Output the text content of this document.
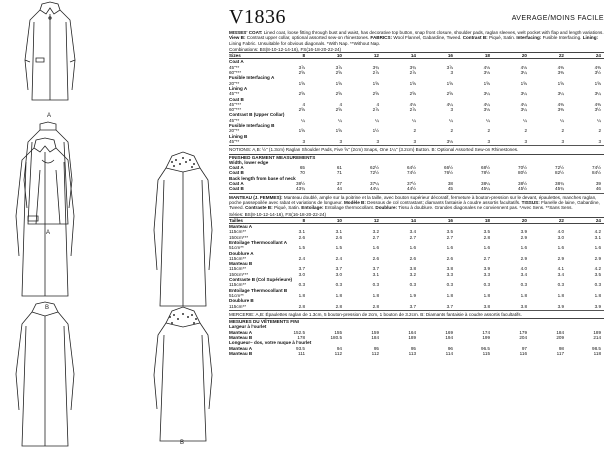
A
A
B
B
V1836	AVERAGE/MOINS FACILE

MISSES' COAT: Lined coat, loose fitting through bust and waist, has decorative top button, snap front closure, shoulder pads, raglan sleeves, welt pocket with flap and length variations. View B: Contrast upper collar, optional assorted sew-on rhinestones. FABRICS: Wool Flannel, Gabardine, Tweed. Contrast B: Piqué, Satin. Interfacing: Fusible Interfacing. Lining: Lining Fabric. Unsuitable for obvious diagonals. *With Nap. **Without Nap.

Combinations: BS(8-10-12-14-16), FS(16-18-20-22-24)
Sizes	8	10	12	14	16	18	20	22	24
Coat A
45"**	3⅞	3⅞	3¾	3¾	3⅞	4⅛	4⅛	4⅜	4⅜
60"***	2⅝	2⅝	2⅞	2⅞	3	3⅛	3¼	3⅜	3½
Fusible Interfacing A
20"**	1⅝	1⅝	1⅝	1⅝	1⅝	1⅝	1⅝	1⅝	1⅝
Lining A
45"**	2⅝	2⅝	2⅝	2⅝	2⅝	3¼	3¼	3¼	3¼
Coat B
45"***	4	4	4	4⅛	4¼	4¼	4¼	4⅜	4⅜
60"***	2⅝	2⅝	2⅞	2⅞	3	3⅛	3¼	3⅜	3½
Contrast B (Upper Collar)
45"**	¼	¼	¼	¼	¼	¼	¼	¼	¼
Fusible Interfacing B
20"**	1⅝	1⅝	1½	2	2	2	2	2	2
Lining B
45"**	3	3	3	3	3⅛	3	3	3	3

NOTIONS: A,B: ½" (1.3cm) Raglan Shoulder Pads, Five ⅝" (2cm) Snaps, One 1¼" (3.2cm) Button. B: Optional Assorted Sew-on Rhinestones.

FINISHED GARMENT MEASUREMENTS
Width, lower edge
Coat A	65	61	62½	64½	66½	68½	70½	72½	74½
Coat B	70	71	72½	74½	76½	78½	80½	82½	84½
Back length from base of neck
Coat A	38½	37	37¼	37½	38	38¼	38½	38¾	39
Coat B	43¾	44	44¼	44½	45	45¼	45½	45¾	46

MANTEAU (J. FEMMES): Manteau doublé, ample sur la poitrine et la taille, avec bouton supérieur décoratif, fermeture à bouton-pression sur le devant, épaulettes, manches raglan, poche passepoilée avec rabat et variations de longueur. Modèle B: Dessous de col contrastant; diamants fantaisie à coudre assortis facultatifs. TISSUS: Flanelle de laine, Gabardine, Tweed. Contraste B: Piqué, Satin. Entoilage: Entoilage thermocollant. Doublure: Tissu à doublure. Grandes diagonales ne conviennent pas. *Avec Sens. **Sans Sens.

Séries: BS(8-10-12-14-16), FS(16-18-20-22-24)
Tailles	8	10	12	14	16	18	20	22	24
Manteau A
115cm**	3.1	3.1	3.2	3.4	3.5	3.5	3.9	4.0	4.2
150cm***	2.6	2.6	2.7	2.7	2.7	2.8	2.9	3.0	3.1
Entoilage Thermocollant A
51cm**	1.5	1.5	1.6	1.6	1.6	1.6	1.6	1.6	1.6
Doublure A
115cm**	2.4	2.4	2.6	2.6	2.6	2.7	2.9	2.9	2.9
Manteau B
115cm**	3.7	3.7	3.7	3.8	3.8	3.9	4.0	4.1	4.2
150cm***	3.0	3.0	3.1	3.2	3.3	3.3	3.4	3.4	3.5
Contraste B (Col Supérieure)
115cm**	0.3	0.3	0.3	0.3	0.3	0.3	0.3	0.3	0.3
Entoilage Thermocollant B
51cm**	1.8	1.8	1.8	1.9	1.8	1.8	1.8	1.8	1.8
Doublure B
115cm**	2.8	2.8	2.8	3.7	3.7	3.8	3.8	3.9	3.9

MERCERIE: A,B: Épaulettes raglan de 1.3cm, 5 bouton-pression de 2cm, 1 bouton de 3.2cm. B: Diamants fantaisie à coudre assortis facultatifs.

MESURES DU VÊTEMENTS FINI
Largeur à l'ourlet
Manteau A	152.5	155	159	164	169	174	179	184	189
Manteau B	178	180.5	184	189	194	199	204	209	214
Longueur– dos, votre nuque à l'ourlet
Manteau A	93.5	94	95	95	96	96.5	97	98	98.5
Manteau B	111	112	112	113	114	115	116	117	118
